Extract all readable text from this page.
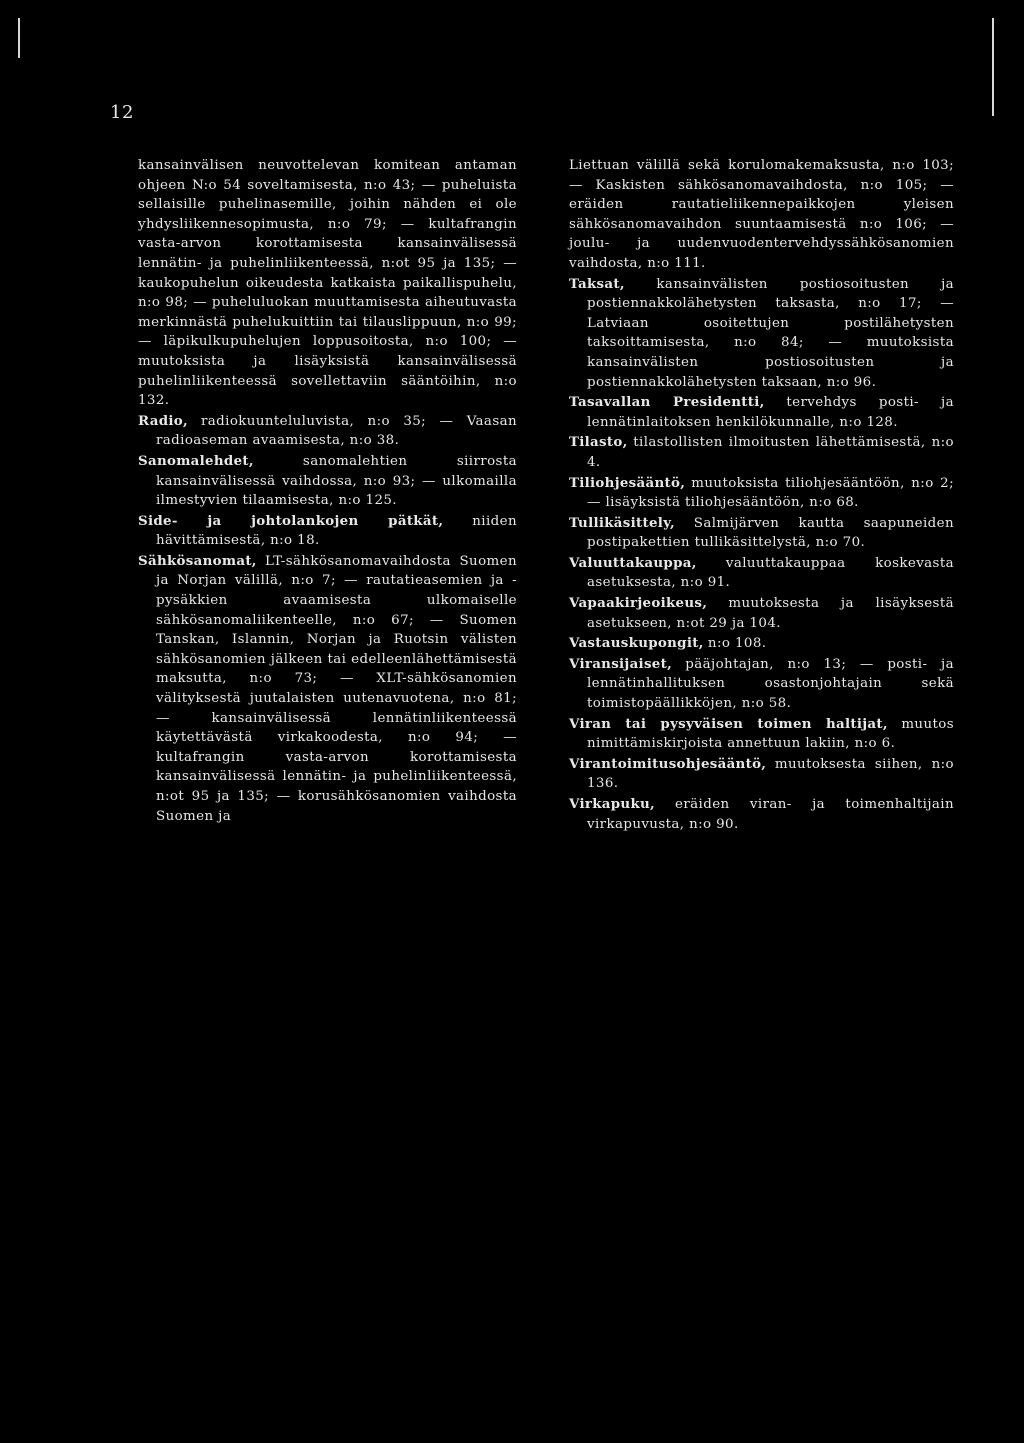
12

kansainvälisen neuvottelevan komitean antaman ohjeen N:o 54 soveltamisesta, n:o 43; — puheluista sellaisille puhelinasemille, joihin nähden ei ole yhdysliikennesopimusta, n:o 79; — kultafrangin vasta-arvon korottamisesta kansainvälisessä lennätin- ja puhelinliikenteessä, n:ot 95 ja 135; — kaukopuhelun oikeudesta katkaista paikallispuhelu, n:o 98; — puheluluokan muuttamisesta aiheutuvasta merkinnästä puhelukuittiin tai tilauslippuun, n:o 99; — läpikulkupuhelujen loppusoitosta, n:o 100; — muutoksista ja lisäyksistä kansainvälisessä puhelinliikenteessä sovellettaviin sääntöihin, n:o 132.

Radio, radiokuunteluluvista, n:o 35; — Vaasan radioaseman avaamisesta, n:o 38.

Sanomalehdet,	sanomalehtien siirrosta kansainvälisessä vaihdossa, n:o 93; — ulkomailla ilmestyvien tilaamisesta, n:o 125.

Side- ja johtolankojen pätkät, niiden hävittämisestä, n:o 18.

Sähkösanomat, LT-sähkösanomavaihdosta Suomen ja Norjan välillä, n:o 7; — rautatieasemien ja -pysäkkien avaamisesta ulkomaiselle sähkösanomaliikenteelle, n:o 67; — Suomen Tanskan, Islannin, Norjan ja Ruotsin välisten sähkösanomien jälkeen tai edelleenlähettämisestä maksutta, n:o 73; — XLT-sähkösanomien välityksestä juutalaisten uutenavuotena, n:o 81; — kansainvälisessä lennätinliikenteessä käytettävästä virkakoodesta, n:o 94; — kultafrangin vasta-arvon korottamisesta kansainvälisessä lennätin- ja puhelinliikenteessä, n:ot 95 ja 135; — korusähkösanomien vaihdosta Suomen ja

Liettuan välillä sekä korulomakemaksusta, n:o 103; — Kaskisten sähkösanomavaihdosta, n:o 105; — eräiden rautatieliikennepaikkojen yleisen sähkösanomavaihdon suuntaamisestä n:o 106; — joulu- ja uudenvuodentervehdyssähkösanomien vaihdosta, n:o 111.

Taksat, kansainvälisten postiosoitusten ja postiennakkolähetysten taksasta, n:o 17; — Latviaan osoitettujen postilähetysten taksoittamisesta, n:o 84; — muutoksista kansainvälisten postiosoitusten ja postiennakkolähetysten taksaan, n:o 96.

Tasavallan Presidentti, tervehdys posti- ja lennätinlaitoksen henkilökunnalle, n:o 128.

Tilasto, tilastollisten ilmoitusten lähettämisestä, n:o 4.

Tiliohjesääntö, muutoksista tiliohjesääntöön, n:o 2; — lisäyksistä tiliohjesääntöön, n:o 68.

Tullikäsittely, Salmijärven kautta saapuneiden postipakettien tullikäsittelystä, n:o 70.

Valuuttakauppa, valuuttakauppaa koskevasta asetuksesta, n:o 91.

Vapaakirjeoikeus, muutoksesta ja lisäyksestä asetukseen, n:ot 29 ja 104.

Vastauskupongit, n:o 108.

Viransijaiset, pääjohtajan, n:o 13; — posti- ja lennätinhallituksen osastonjohtajain sekä toimistopäällikköjen, n:o 58.

Viran tai pysyväisen toimen haltijat, muutos nimittämiskirjoista annettuun lakiin, n:o 6.

Virantoimitusohjesääntö, muutoksesta siihen, n:o 136.

Virkapuku, eräiden viran- ja toimenhaltijain virkapuvusta, n:o 90.
